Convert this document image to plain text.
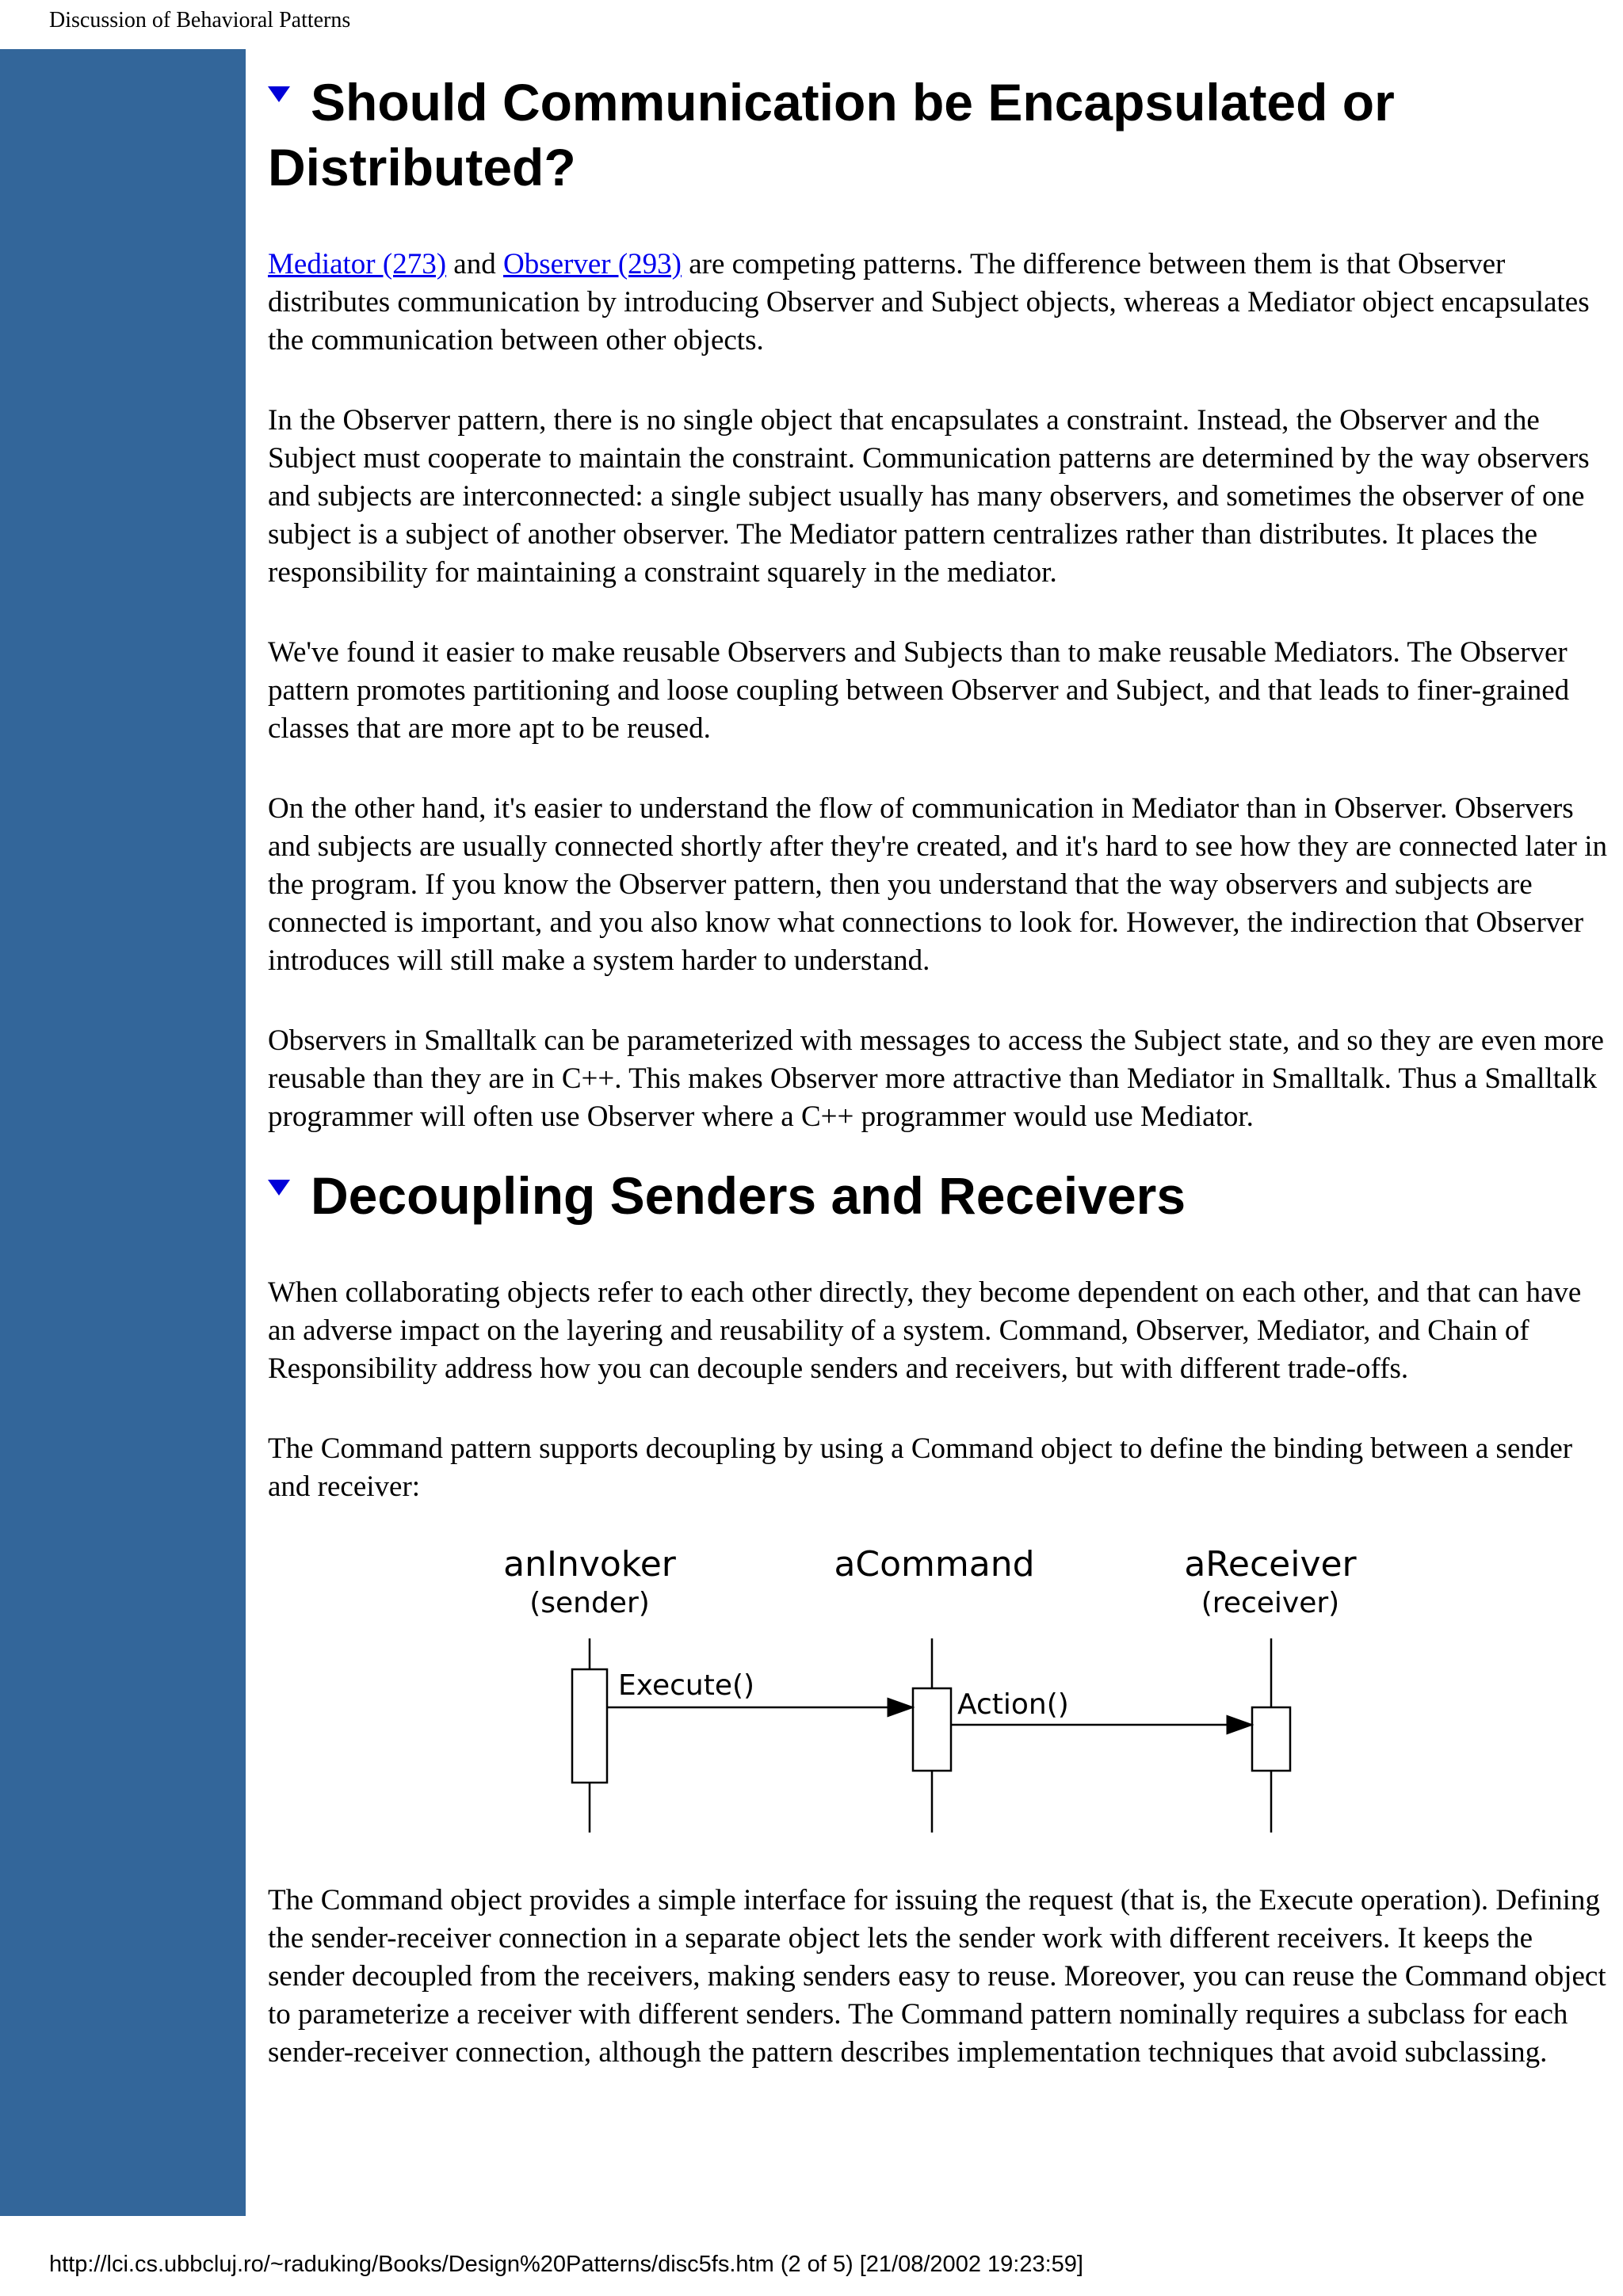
Discussion of Behavioral Patterns
Should Communication be Encapsulated or Distributed?

Mediator (273) and Observer (293) are competing patterns. The difference between them is that Observer distributes communication by introducing Observer and Subject objects, whereas a Mediator object encapsulates the communication between other objects.

In the Observer pattern, there is no single object that encapsulates a constraint. Instead, the Observer and the Subject must cooperate to maintain the constraint. Communication patterns are determined by the way observers and subjects are interconnected: a single subject usually has many observers, and sometimes the observer of one subject is a subject of another observer. The Mediator pattern centralizes rather than distributes. It places the responsibility for maintaining a constraint squarely in the mediator.

We've found it easier to make reusable Observers and Subjects than to make reusable Mediators. The Observer pattern promotes partitioning and loose coupling between Observer and Subject, and that leads to finer-grained classes that are more apt to be reused.

On the other hand, it's easier to understand the flow of communication in Mediator than in Observer. Observers and subjects are usually connected shortly after they're created, and it's hard to see how they are connected later in the program. If you know the Observer pattern, then you understand that the way observers and subjects are connected is important, and you also know what connections to look for. However, the indirection that Observer introduces will still make a system harder to understand.

Observers in Smalltalk can be parameterized with messages to access the Subject state, and so they are even more reusable than they are in C++. This makes Observer more attractive than Mediator in Smalltalk. Thus a Smalltalk programmer will often use Observer where a C++ programmer would use Mediator.

Decoupling Senders and Receivers

When collaborating objects refer to each other directly, they become dependent on each other, and that can have an adverse impact on the layering and reusability of a system. Command, Observer, Mediator, and Chain of Responsibility address how you can decouple senders and receivers, but with different trade-offs.

The Command pattern supports decoupling by using a Command object to define the binding between a sender and receiver:

anInvoker
(sender)
aCommand	aReceiver
(receiver)
Execute()
Action()

The Command object provides a simple interface for issuing the request (that is, the Execute operation). Defining the sender-receiver connection in a separate object lets the sender work with different receivers. It keeps the sender decoupled from the receivers, making senders easy to reuse. Moreover, you can reuse the Command object to parameterize a receiver with different senders. The Command pattern nominally requires a subclass for each sender-receiver connection, although the pattern describes implementation techniques that avoid subclassing.

http://lci.cs.ubbcluj.ro/~raduking/Books/Design%20Patterns/disc5fs.htm (2 of 5) [21/08/2002 19:23:59]
